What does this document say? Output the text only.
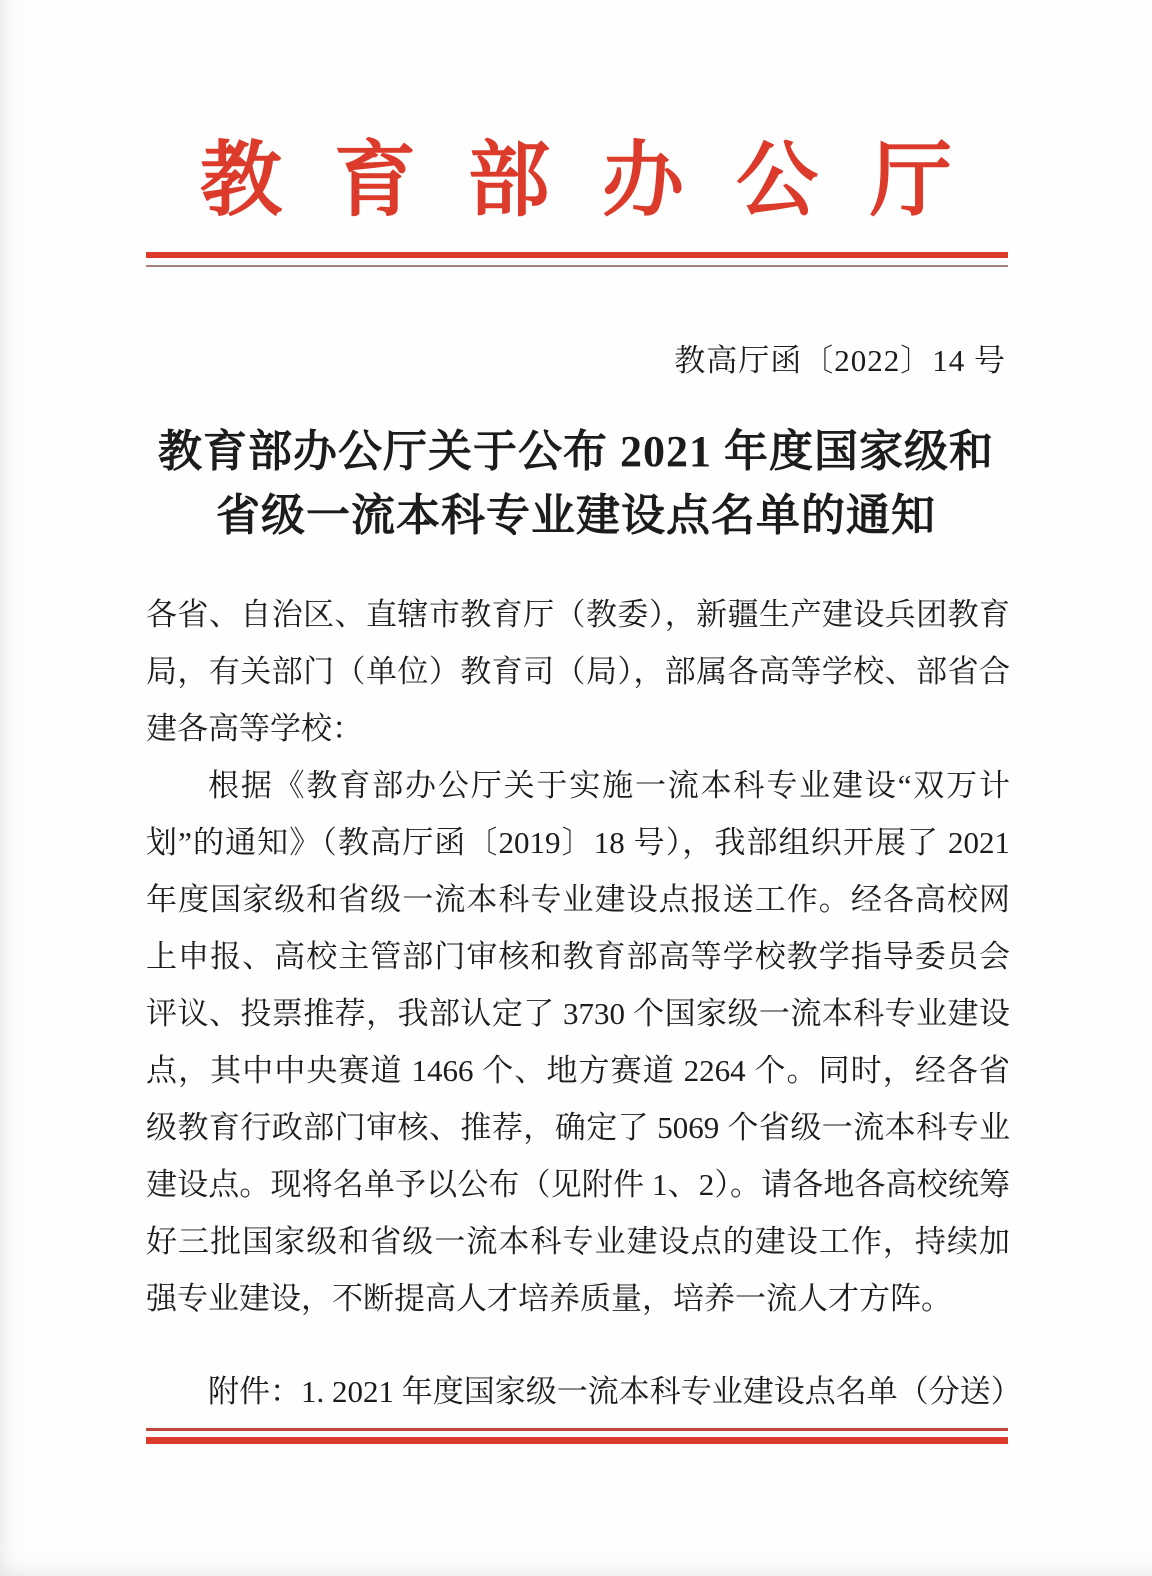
教育部办公厅
教高厅函〔2022〕14 号
教育部办公厅关于公布 2021 年度国家级和
省级一流本科专业建设点名单的通知

各省、自治区、直辖市教育厅（教委），新疆生产建设兵团教育局，有关部门（单位）教育司（局），部属各高等学校、部省合建各高等学校：

根据《教育部办公厅关于实施一流本科专业建设“双万计划”的通知》（教高厅函〔2019〕18 号），我部组织开展了 2021 年度国家级和省级一流本科专业建设点报送工作。经各高校网上申报、高校主管部门审核和教育部高等学校教学指导委员会评议、投票推荐，我部认定了 3730 个国家级一流本科专业建设点，其中中央赛道 1466 个、地方赛道 2264 个。同时，经各省级教育行政部门审核、推荐，确定了 5069 个省级一流本科专业建设点。现将名单予以公布（见附件 1、2）。请各地各高校统筹好三批国家级和省级一流本科专业建设点的建设工作，持续加强专业建设，不断提高人才培养质量，培养一流人才方阵。

附件：1. 2021 年度国家级一流本科专业建设点名单（分送）
